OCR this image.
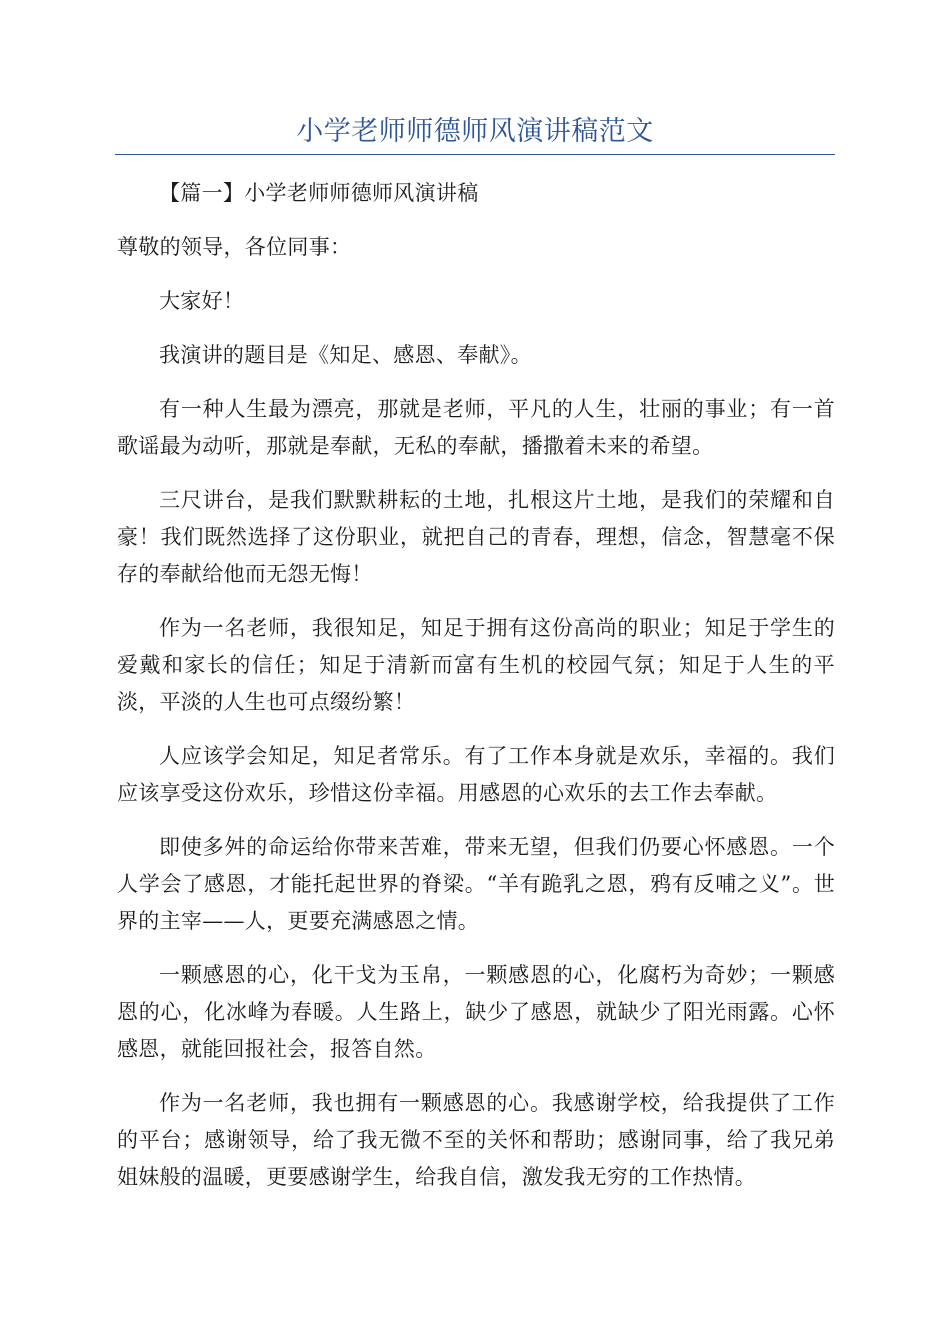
小学老师师德师风演讲稿范文

【篇一】小学老师师德师风演讲稿

尊敬的领导，各位同事：

大家好！

我演讲的题目是《知足、感恩、奉献》。

有一种人生最为漂亮，那就是老师，平凡的人生，壮丽的事业；有一首歌谣最为动听，那就是奉献，无私的奉献，播撒着未来的希望。

三尺讲台，是我们默默耕耘的土地，扎根这片土地，是我们的荣耀和自豪！我们既然选择了这份职业，就把自己的青春，理想，信念，智慧毫不保存的奉献给他而无怨无悔！

作为一名老师，我很知足，知足于拥有这份高尚的职业；知足于学生的爱戴和家长的信任；知足于清新而富有生机的校园气氛；知足于人生的平淡，平淡的人生也可点缀纷繁！

人应该学会知足，知足者常乐。有了工作本身就是欢乐，幸福的。我们应该享受这份欢乐，珍惜这份幸福。用感恩的心欢乐的去工作去奉献。

即使多舛的命运给你带来苦难，带来无望，但我们仍要心怀感恩。一个人学会了感恩，才能托起世界的脊梁。“羊有跪乳之恩，鸦有反哺之义”。世界的主宰——人，更要充满感恩之情。

一颗感恩的心，化干戈为玉帛，一颗感恩的心，化腐朽为奇妙；一颗感恩的心，化冰峰为春暖。人生路上，缺少了感恩，就缺少了阳光雨露。心怀感恩，就能回报社会，报答自然。

作为一名老师，我也拥有一颗感恩的心。我感谢学校，给我提供了工作的平台；感谢领导，给了我无微不至的关怀和帮助；感谢同事，给了我兄弟姐妹般的温暖，更要感谢学生，给我自信，激发我无穷的工作热情。
